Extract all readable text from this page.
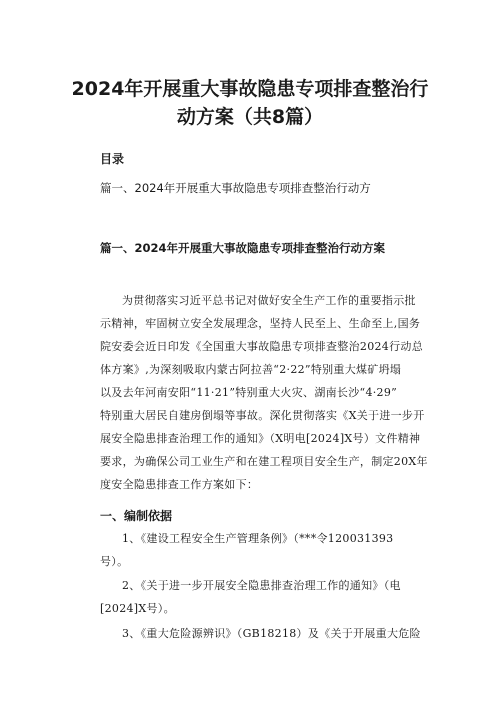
2024年开展重大事故隐患专项排查整治行
动方案（共8篇）
目录
篇一、2024年开展重大事故隐患专项排查整治行动方
篇一、2024年开展重大事故隐患专项排查整治行动方案
为贯彻落实习近平总书记对做好安全生产工作的重要指示批
示精神，牢固树立安全发展理念，坚持人民至上、生命至上,国务
院安委会近日印发《全国重大事故隐患专项排查整治2024行动总
体方案》,为深刻吸取内蒙古阿拉善“2·22”特别重大煤矿坍塌
以及去年河南安阳“11·21”特别重大火灾、湖南长沙“4·29”
特别重大居民自建房倒塌等事故。深化贯彻落实《X关于进一步开
展安全隐患排查治理工作的通知》（X明电[2024]X号）文件精神
要求，为确保公司工业生产和在建工程项目安全生产，制定20X年
度安全隐患排查工作方案如下：
一、编制依据
1、《建设工程安全生产管理条例》（***令120031393
号）。
2、《关于进一步开展安全隐患排查治理工作的通知》（电
[2024]X号）。
3、《重大危险源辨识》（GB18218）及《关于开展重大危险
